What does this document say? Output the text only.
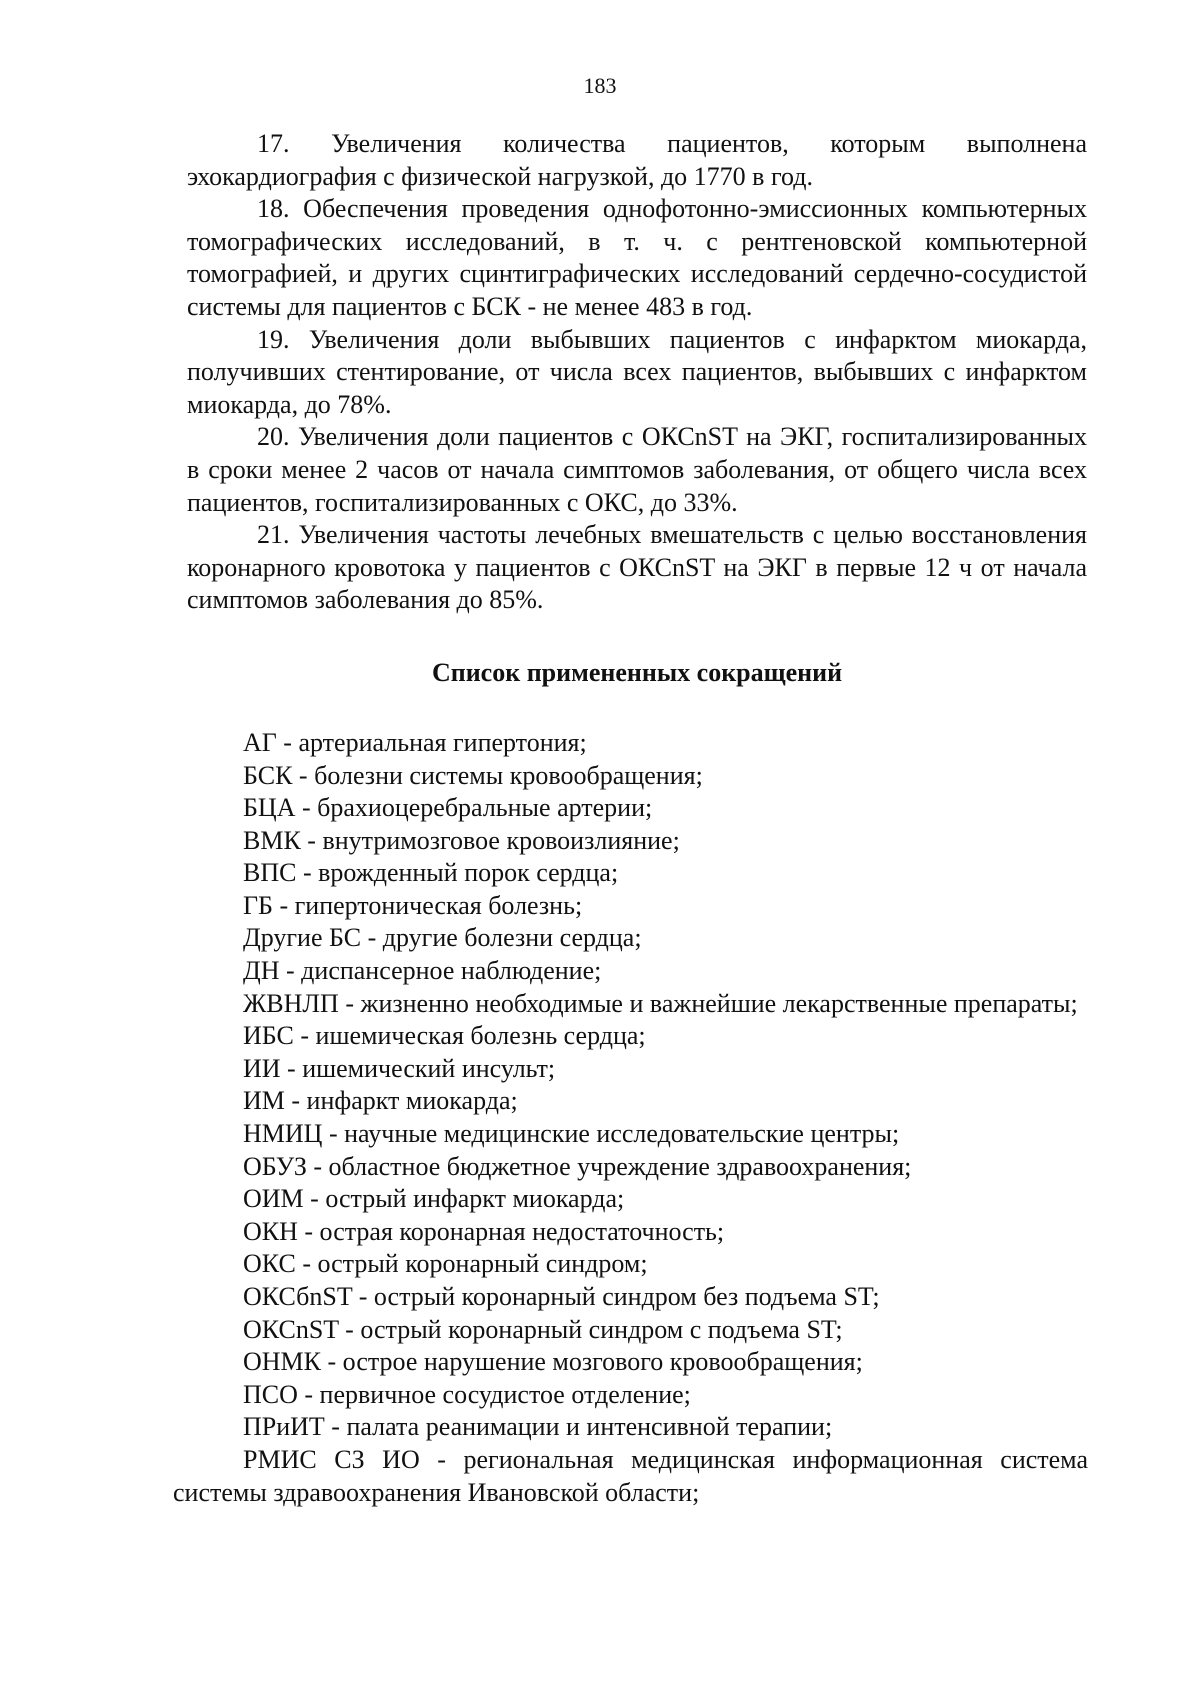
183

17. Увеличения количества пациентов, которым выполнена эхокардиография с физической нагрузкой, до 1770 в год.

18. Обеспечения проведения однофотонно-эмиссионных компьютерных томографических исследований, в т. ч. с рентгеновской компьютерной томографией, и других сцинтиграфических исследований сердечно-сосудистой системы для пациентов с БСК - не менее 483 в год.

19. Увеличения доли выбывших пациентов с инфарктом миокарда, получивших стентирование, от числа всех пациентов, выбывших с инфарктом миокарда, до 78%.

20. Увеличения доли пациентов с ОКСnST на ЭКГ, госпитализированных в сроки менее 2 часов от начала симптомов заболевания, от общего числа всех пациентов, госпитализированных с ОКС, до 33%.

21. Увеличения частоты лечебных вмешательств с целью восстановления коронарного кровотока у пациентов с ОКСnST на ЭКГ в первые 12 ч от начала симптомов заболевания до 85%.

Список примененных сокращений

АГ - артериальная гипертония;

БСК - болезни системы кровообращения;

БЦА - брахиоцеребральные артерии;

ВМК - внутримозговое кровоизлияние;

ВПС - врожденный порок сердца;

ГБ - гипертоническая болезнь;

Другие БС - другие болезни сердца;

ДН - диспансерное наблюдение;

ЖВНЛП - жизненно необходимые и важнейшие лекарственные препараты;

ИБС - ишемическая болезнь сердца;

ИИ - ишемический инсульт;

ИМ - инфаркт миокарда;

НМИЦ - научные медицинские исследовательские центры;

ОБУЗ - областное бюджетное учреждение здравоохранения;

ОИМ - острый инфаркт миокарда;

ОКН - острая коронарная недостаточность;

ОКС - острый коронарный синдром;

ОКСбnST - острый коронарный синдром без подъема ST;

ОКСnST - острый коронарный синдром с подъема ST;

ОНМК - острое нарушение мозгового кровообращения;

ПСО - первичное сосудистое отделение;

ПРиИТ - палата реанимации и интенсивной терапии;

РМИС СЗ ИО - региональная медицинская информационная система системы здравоохранения Ивановской области;
